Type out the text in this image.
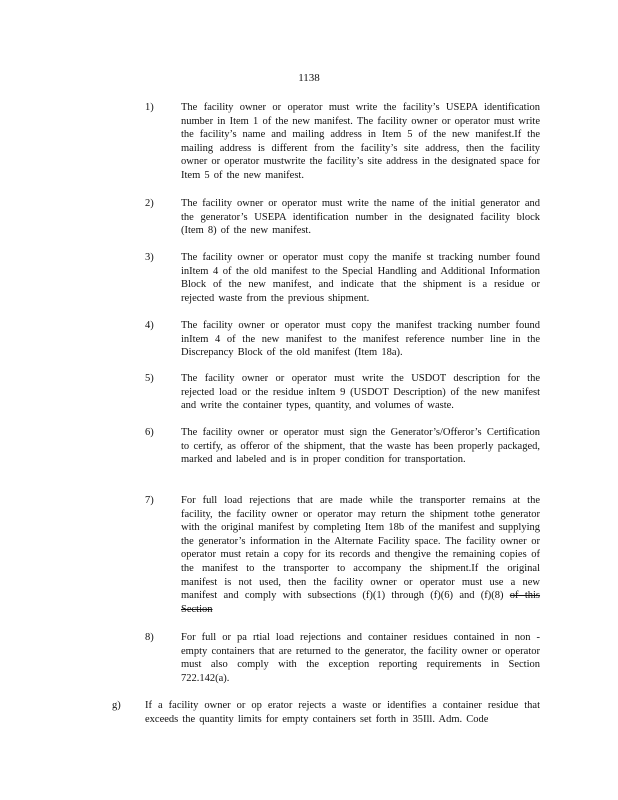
1138
1)	The facility owner or operator must write the facility’s USEPA identification number in Item 1 of the new manifest. The facility owner or operator must write the facility’s name and mailing address in Item 5 of the new manifest.If the mailing address is different from the facility’s site address, then the facility owner or operator mustwrite the facility’s site address in the designated space for Item 5 of the new manifest.
2)	The facility owner or operator must write the name of the initial generator and the generator’s USEPA identification number in the designated facility block (Item 8) of the new manifest.
3)	The facility owner or operator must copy the manife st tracking number found inItem 4 of the old manifest to the Special Handling and Additional Information Block of the new manifest, and indicate that the shipment is a residue or rejected waste from the previous shipment.
4)	The facility owner or operator must copy the manifest tracking number found inItem 4 of the new manifest to the manifest reference number line in the Discrepancy Block of the old manifest (Item 18a).
5)	The facility owner or operator must write the USDOT description for the rejected load or the residue inItem 9 (USDOT Description) of the new manifest and write the container types, quantity, and volumes of waste.
6)	The facility owner or operator must sign the Generator’s/Offeror’s Certification to certify, as offeror of the shipment, that the waste has been properly packaged, marked and labeled and is in proper condition for transportation.
7)	For full load rejections that are made while the transporter remains at the facility, the facility owner or operator may return the shipment tothe generator with the original manifest by completing Item 18b of the manifest and supplying the generator’s information in the Alternate Facility space. The facility owner or operator must retain a copy for its records and thengive the remaining copies of the manifest to the transporter to accompany the shipment.If the original manifest is not used, then the facility owner or operator must use a new manifest and comply with subsections (f)(1) through (f)(6) and (f)(8) of this Section
8)	For full or pa rtial load rejections and container residues contained in non - empty containers that are returned to the generator, the facility owner or operator must also comply with the exception reporting requirements in Section 722.142(a).
g) If a facility owner or op erator rejects a waste or identifies a container residue that exceeds the quantity limits for empty containers set forth in 35Ill. Adm. Code
